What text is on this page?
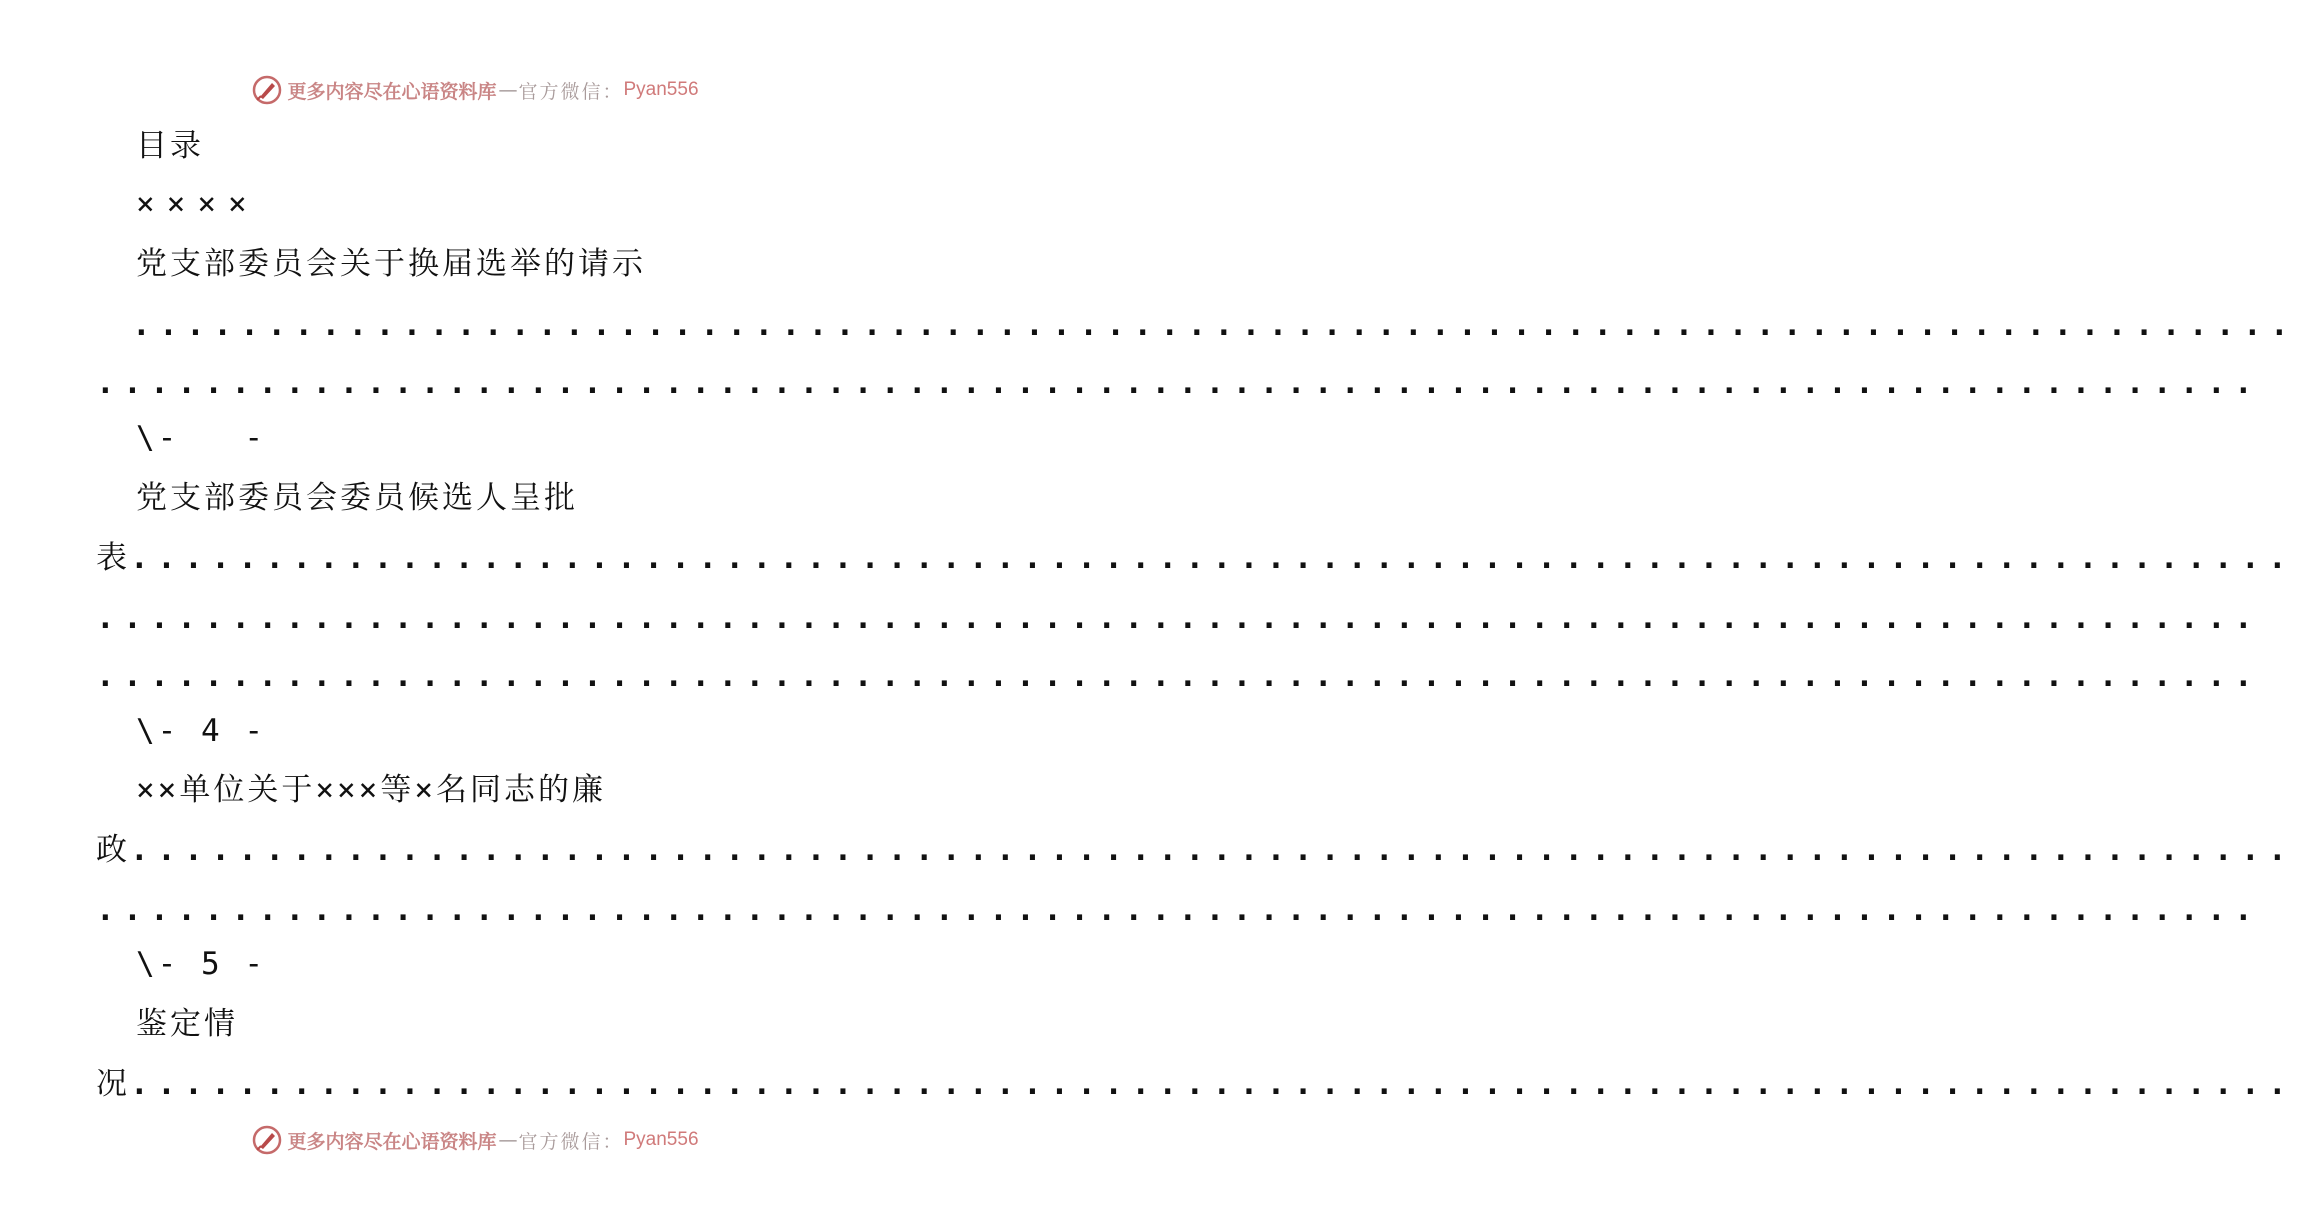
更多内容尽在心语资料库 — 官方微信： Pyan556
目录
××××
党支部委员会关于换届选举的请示
................................................................................
................................................................................
\-   -
党支部委员会委员候选人呈批
表 ................................................................................
................................................................................
................................................................................
\- 4 -
××单位关于×××等×名同志的廉
政 ................................................................................
................................................................................
\- 5 -
鉴定情
况 ................................................................................
更多内容尽在心语资料库 — 官方微信： Pyan556
